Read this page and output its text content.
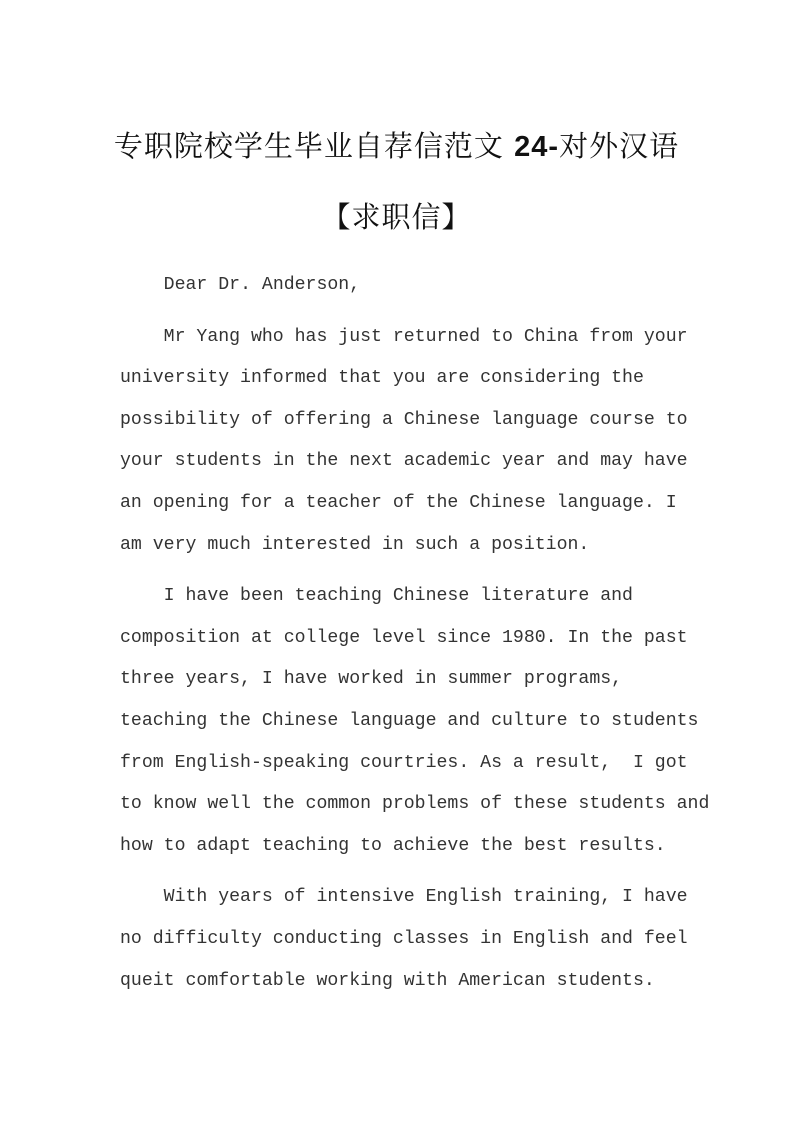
专职院校学生毕业自荐信范文 24-对外汉语
【求职信】
Dear Dr. Anderson,
Mr Yang who has just returned to China from your
university informed that you are considering the
possibility of offering a Chinese language course to
your students in the next academic year and may have
an opening for a teacher of the Chinese language. I
am very much interested in such a position.
I have been teaching Chinese literature and
composition at college level since 1980. In the past
three years, I have worked in summer programs,
teaching the Chinese language and culture to students
from English-speaking courtries. As a result,  I got
to know well the common problems of these students and
how to adapt teaching to achieve the best results.
With years of intensive English training, I have
no difficulty conducting classes in English and feel
queit comfortable working with American students.
